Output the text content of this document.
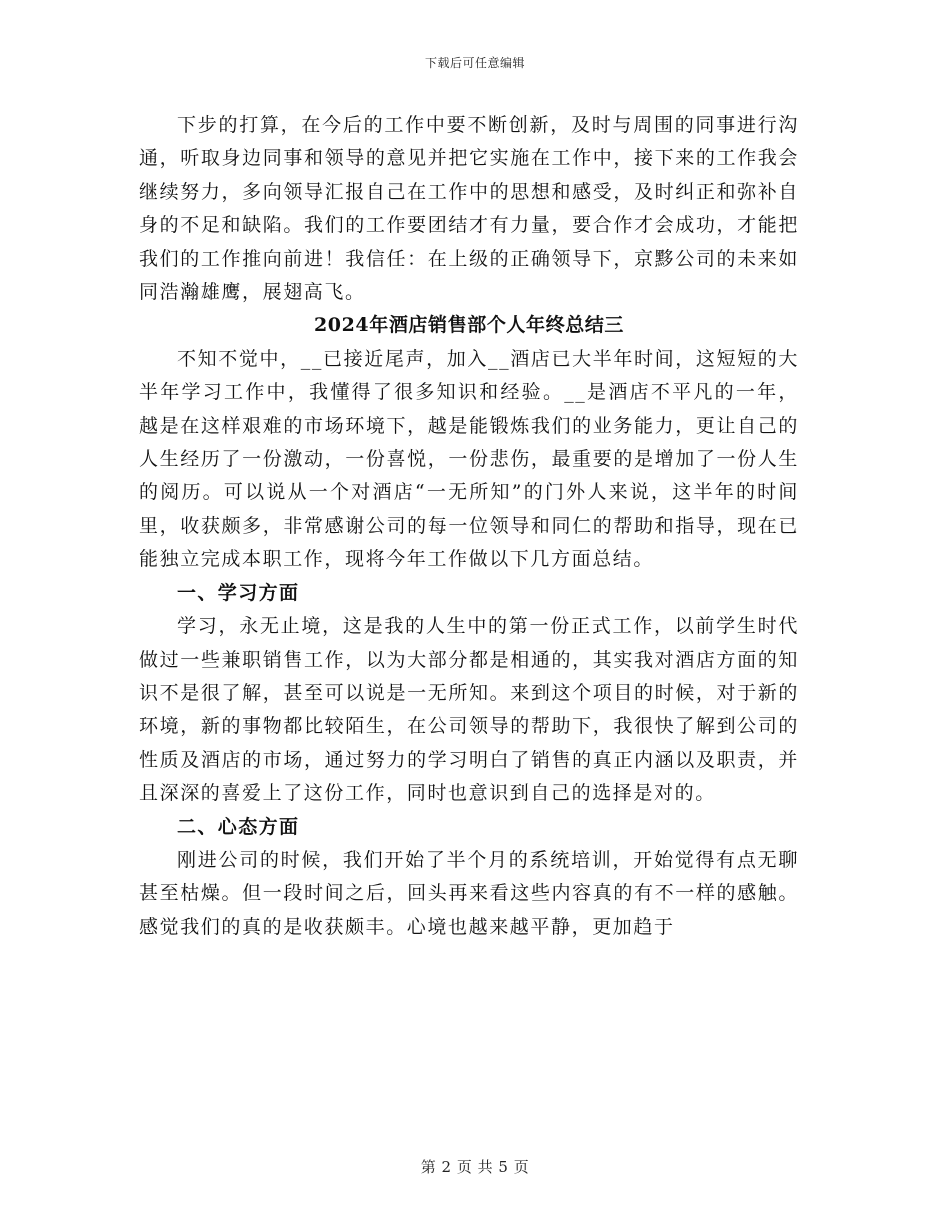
下载后可任意编辑

下步的打算，在今后的工作中要不断创新，及时与周围的同事进行沟通，听取身边同事和领导的意见并把它实施在工作中，接下来的工作我会继续努力，多向领导汇报自己在工作中的思想和感受，及时纠正和弥补自身的不足和缺陷。我们的工作要团结才有力量，要合作才会成功，才能把我们的工作推向前进！我信任：在上级的正确领导下，京黟公司的未来如同浩瀚雄鹰，展翅高飞。

2024年酒店销售部个人年终总结三

不知不觉中，__已接近尾声，加入__酒店已大半年时间，这短短的大半年学习工作中，我懂得了很多知识和经验。__是酒店不平凡的一年，越是在这样艰难的市场环境下，越是能锻炼我们的业务能力，更让自己的人生经历了一份激动，一份喜悦，一份悲伤，最重要的是增加了一份人生的阅历。可以说从一个对酒店“一无所知”的门外人来说，这半年的时间里，收获颇多，非常感谢公司的每一位领导和同仁的帮助和指导，现在已能独立完成本职工作，现将今年工作做以下几方面总结。

一、学习方面

学习，永无止境，这是我的人生中的第一份正式工作，以前学生时代做过一些兼职销售工作，以为大部分都是相通的，其实我对酒店方面的知识不是很了解，甚至可以说是一无所知。来到这个项目的时候，对于新的环境，新的事物都比较陌生，在公司领导的帮助下，我很快了解到公司的性质及酒店的市场，通过努力的学习明白了销售的真正内涵以及职责，并且深深的喜爱上了这份工作，同时也意识到自己的选择是对的。

二、心态方面

刚进公司的时候，我们开始了半个月的系统培训，开始觉得有点无聊甚至枯燥。但一段时间之后，回头再来看这些内容真的有不一样的感触。感觉我们的真的是收获颇丰。心境也越来越平静，更加趋于

第 2 页 共 5 页
